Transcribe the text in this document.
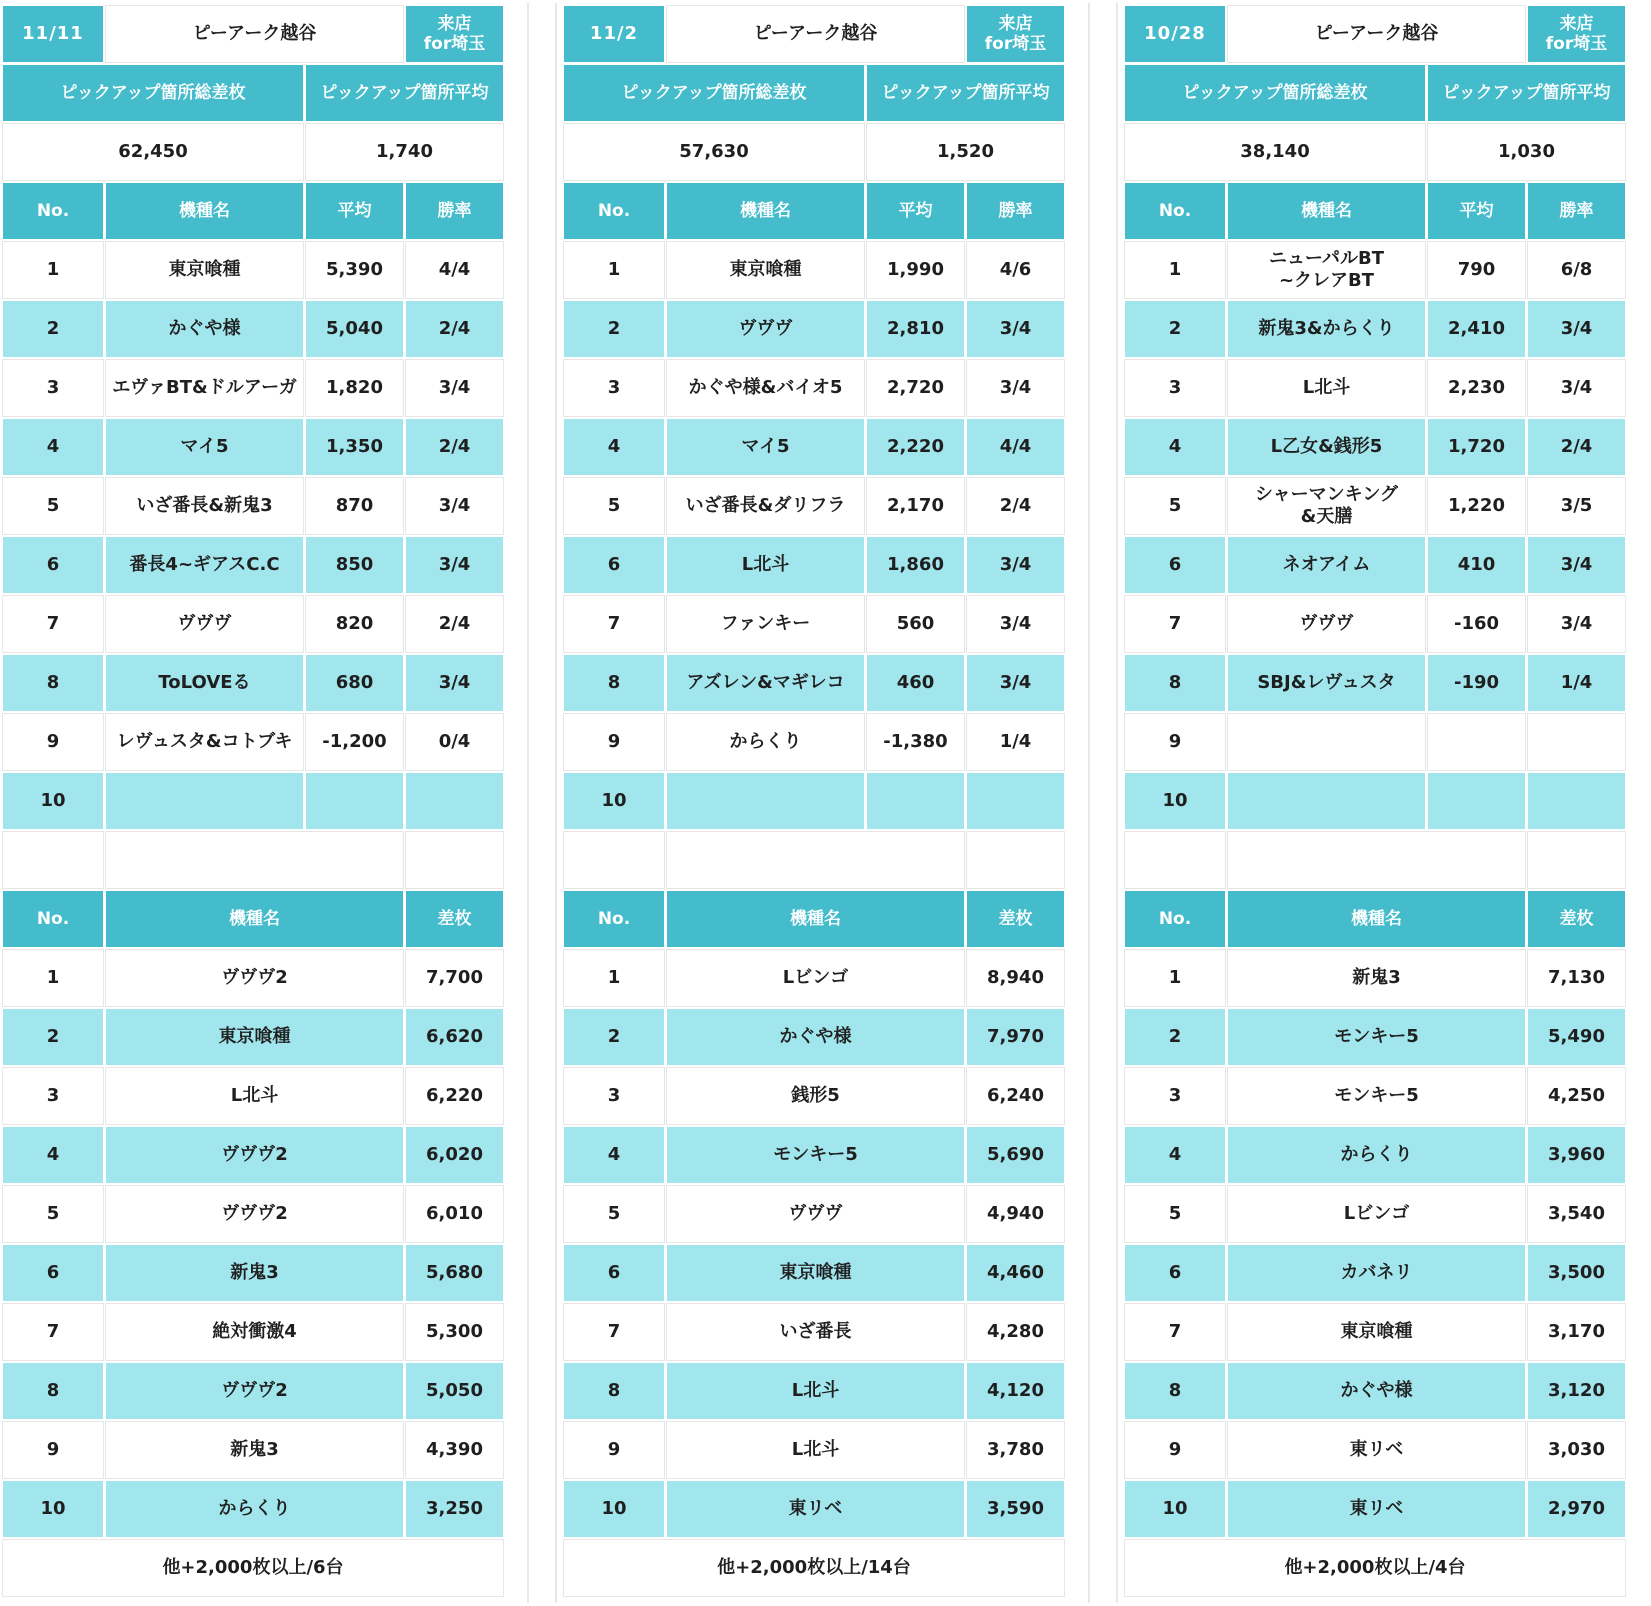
11/11	ピーアーク越谷		来店
for埼玉

ピックアップ箇所総差枚		ピックアップ箇所平均	
62,450		1,740	
No.	機種名	平均	勝率
1	東京喰種	5,390	4/4
2	かぐや様	5,040	2/4
3	エヴァBT&ドルアーガ	1,820	3/4
4	マイ5	1,350	2/4
5	いざ番長&新鬼3	870	3/4
6	番長4~ギアスC.C	850	3/4
7	ヴヴヴ	820	2/4
8	ToLOVEる	680	3/4
9	レヴュスタ&コトブキ	-1,200	0/4
10	

No.	機種名		差枚
1	ヴヴヴ2		7,700
2	東京喰種		6,620
3	L北斗		6,220
4	ヴヴヴ2		6,020
5	ヴヴヴ2		6,010
6	新鬼3		5,680
7	絶対衝激4		5,300
8	ヴヴヴ2		5,050
9	新鬼3		4,390
10	からくり		3,250
他+2,000枚以上/6台			
11/2	ピーアーク越谷		来店
for埼玉

ピックアップ箇所総差枚		ピックアップ箇所平均	
57,630		1,520	
No.	機種名	平均	勝率
1	東京喰種	1,990	4/6
2	ヴヴヴ	2,810	3/4
3	かぐや様&バイオ5	2,720	3/4
4	マイ5	2,220	4/4
5	いざ番長&ダリフラ	2,170	2/4
6	L北斗	1,860	3/4
7	ファンキー	560	3/4
8	アズレン&マギレコ	460	3/4
9	からくり	-1,380	1/4
10	

No.	機種名		差枚
1	Lビンゴ		8,940
2	かぐや様		7,970
3	銭形5		6,240
4	モンキー5		5,690
5	ヴヴヴ		4,940
6	東京喰種		4,460
7	いざ番長		4,280
8	L北斗		4,120
9	L北斗		3,780
10	東リベ		3,590
他+2,000枚以上/14台			
10/28	ピーアーク越谷		来店
for埼玉

ピックアップ箇所総差枚		ピックアップ箇所平均	
38,140		1,030	
No.	機種名	平均	勝率
1	ニューパルBT
~クレアBT	790	6/8
2	新鬼3&からくり	2,410	3/4
3	L北斗	2,230	3/4
4	L乙女&銭形5	1,720	2/4
5	シャーマンキング
&天膳	1,220	3/5
6	ネオアイム	410	3/4
7	ヴヴヴ	-160	3/4
8	SBJ&レヴュスタ	-190	1/4
9	

10	

No.	機種名		差枚
1	新鬼3		7,130
2	モンキー5		5,490
3	モンキー5		4,250
4	からくり		3,960
5	Lビンゴ		3,540
6	カバネリ		3,500
7	東京喰種		3,170
8	かぐや様		3,120
9	東リベ		3,030
10	東リベ		2,970
他+2,000枚以上/4台			
